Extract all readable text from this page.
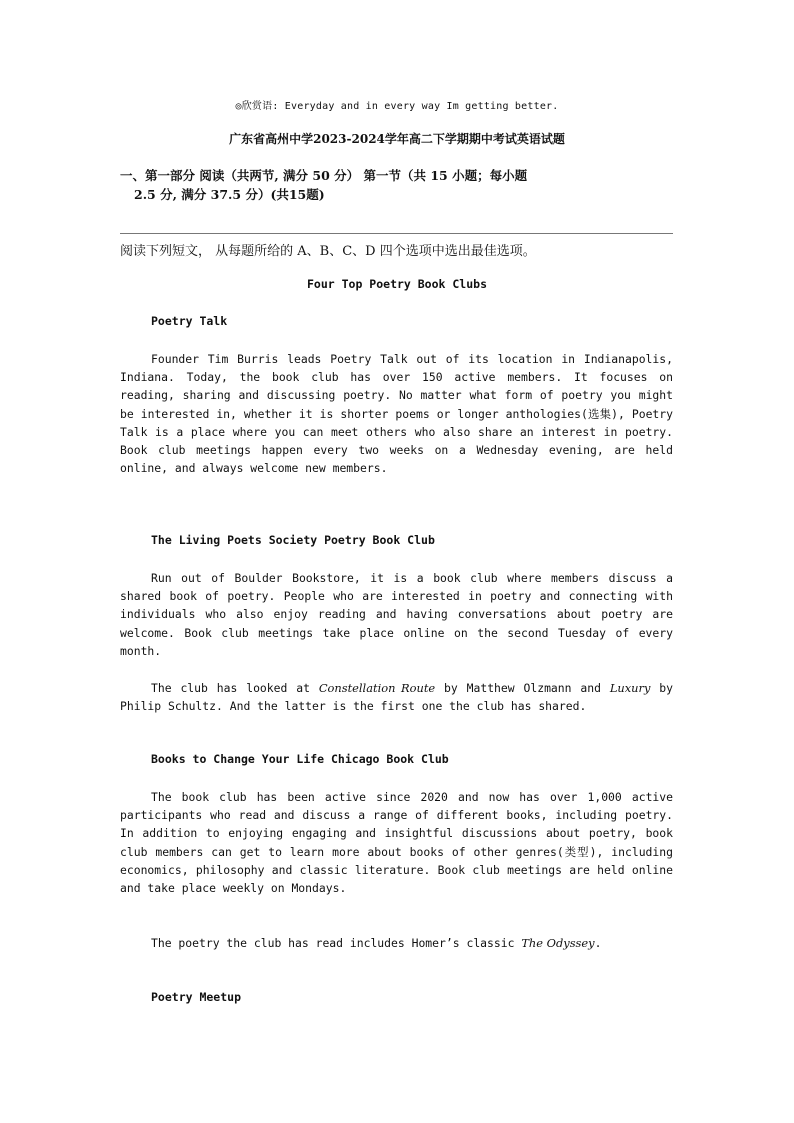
◎欣赏语: Everyday and in every way Im getting better.
广东省高州中学2023-2024学年高二下学期期中考试英语试题
一、第一部分 阅读（共两节, 满分 50 分） 第一节（共 15 小题；每小题
2.5 分, 满分 37.5 分）(共15题)
阅读下列短文， 从每题所给的 A、B、C、D 四个选项中选出最佳选项。
Four Top Poetry Book Clubs
Poetry Talk
Founder Tim Burris leads Poetry Talk out of its location in Indianapolis, Indiana. Today, the book club has over 150 active members. It focuses on reading, sharing and discussing poetry. No matter what form of poetry you might be interested in, whether it is shorter poems or longer anthologies(选集), Poetry Talk is a place where you can meet others who also share an interest in poetry. Book club meetings happen every two weeks on a Wednesday evening, are held online, and always welcome new members.
The Living Poets Society Poetry Book Club
Run out of Boulder Bookstore, it is a book club where members discuss a shared book of poetry. People who are interested in poetry and connecting with individuals who also enjoy reading and having conversations about poetry are welcome. Book club meetings take place online on the second Tuesday of every month.
The club has looked at Constellation Route by Matthew Olzmann and Luxury by Philip Schultz. And the latter is the first one the club has shared.
Books to Change Your Life Chicago Book Club
The book club has been active since 2020 and now has over 1,000 active participants who read and discuss a range of different books, including poetry. In addition to enjoying engaging and insightful discussions about poetry, book club members can get to learn more about books of other genres(类型), including economics, philosophy and classic literature. Book club meetings are held online and take place weekly on Mondays.
The poetry the club has read includes Homer’s classic The Odyssey.
Poetry Meetup
